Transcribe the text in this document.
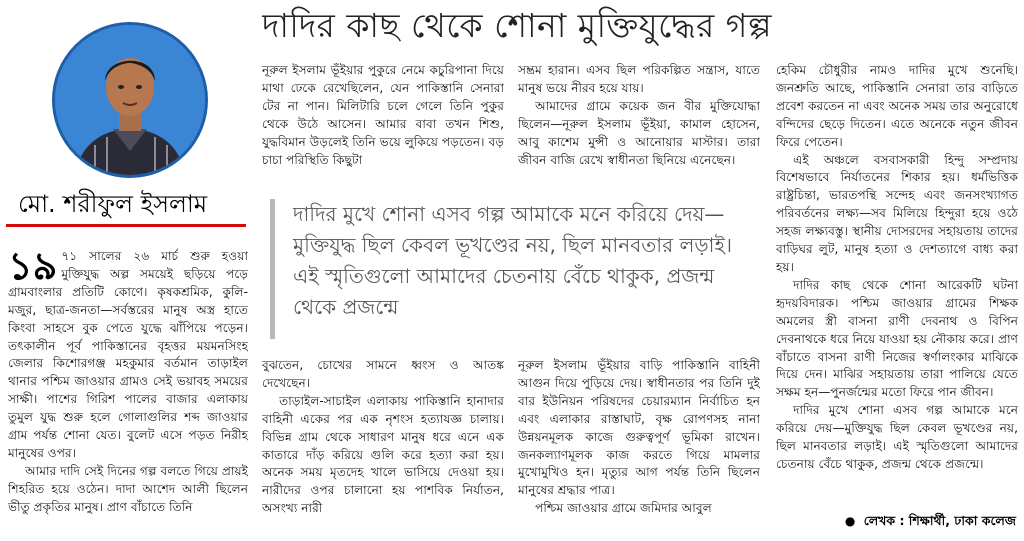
দাদির কাছ থেকে শোনা মুক্তিযুদ্ধের গল্প
মো. শরীফুল ইসলাম

১৯ ৭১ সালের ২৬ মার্চ শুরু হওয়া মুক্তিযুদ্ধ অল্প সময়েই ছড়িয়ে পড়ে গ্রামবাংলার প্রতিটি কোণে। কৃষকশ্রমিক, কুলি-মজুর, ছাত্র-জনতা—সর্বস্তরের মানুষ অস্ত্র হাতে কিংবা সাহসে বুক পেতে যুদ্ধে ঝাঁপিয়ে পড়েন। তৎকালীন পূর্ব পাকিস্তানের বৃহত্তর ময়মনসিংহ জেলার কিশোরগঞ্জ মহকুমার বর্তমান তাড়াইল থানার পশ্চিম জাওয়ার গ্রামও সেই ভয়াবহ সময়ের সাক্ষী। পাশের গিরিশ পালের বাজার এলাকায় তুমুল যুদ্ধ শুরু হলে গোলাগুলির শব্দ জাওয়ার গ্রাম পর্যন্ত শোনা যেত। বুলেট এসে পড়ত নিরীহ মানুষের ওপর।

আমার দাদি সেই দিনের গল্প বলতে গিয়ে প্রায়ই শিহরিত হয়ে ওঠেন। দাদা আশেদ আলী ছিলেন ভীতু প্রকৃতির মানুষ। প্রাণ বাঁচাতে তিনি

নূরুল ইসলাম ভূঁইয়ার পুকুরে নেমে কচুরিপানা দিয়ে মাথা ঢেকে রেখেছিলেন, যেন পাকিস্তানি সেনারা টের না পান। মিলিটারি চলে গেলে তিনি পুকুর থেকে উঠে আসেন। আমার বাবা তখন শিশু, যুদ্ধবিমান উড়লেই তিনি ভয়ে লুকিয়ে পড়তেন। বড় চাচা পরিস্থিতি কিছুটা

সম্ভ্রম হারান। এসব ছিল পরিকল্পিত সন্ত্রাস, যাতে মানুষ ভয়ে নীরব হয়ে যায়।

আমাদের গ্রামে কয়েক জন বীর মুক্তিযোদ্ধা ছিলেন—নূরুল ইসলাম ভূঁইয়া, কামাল হোসেন, আবু কাশেম মুন্সী ও আনোয়ার মাস্টার। তারা জীবন বাজি রেখে স্বাধীনতা ছিনিয়ে এনেছেন।

দাদির মুখে শোনা এসব গল্প আমাকে মনে করিয়ে দেয়—মুক্তিযুদ্ধ ছিল কেবল ভূখণ্ডের নয়, ছিল মানবতার লড়াই। এই স্মৃতিগুলো আমাদের চেতনায় বেঁচে থাকুক, প্রজন্ম থেকে প্রজন্মে

বুঝতেন, চোখের সামনে ধ্বংস ও আতঙ্ক দেখেছেন।

তাড়াইল-সাচাইল এলাকায় পাকিস্তানি হানাদার বাহিনী একের পর এক নৃশংস হত্যাযজ্ঞ চালায়। বিভিন্ন গ্রাম থেকে সাধারণ মানুষ ধরে এনে এক কাতারে দাঁড় করিয়ে গুলি করে হত্যা করা হয়। অনেক সময় মৃতদেহ খালে ভাসিয়ে দেওয়া হয়। নারীদের ওপর চালানো হয় পাশবিক নির্যাতন, অসংখ্য নারী

নূরুল ইসলাম ভূঁইয়ার বাড়ি পাকিস্তানি বাহিনী আগুন দিয়ে পুড়িয়ে দেয়। স্বাধীনতার পর তিনি দুই বার ইউনিয়ন পরিষদের চেয়ারম্যান নির্বাচিত হন এবং এলাকার রাস্তাঘাট, বৃক্ষ রোপণসহ নানা উন্নয়নমূলক কাজে গুরুত্বপূর্ণ ভূমিকা রাখেন। জনকল্যাণমূলক কাজ করতে গিয়ে মামলার মুখোমুখিও হন। মৃত্যুর আগ পর্যন্ত তিনি ছিলেন মানুষের শ্রদ্ধার পাত্র।

পশ্চিম জাওয়ার গ্রামে জমিদার আবুল

হেকিম চৌধুরীর নামও দাদির মুখে শুনেছি। জনশ্রুতি আছে, পাকিস্তানি সেনারা তার বাড়িতে প্রবেশ করতেন না এবং অনেক সময় তার অনুরোধে বন্দিদের ছেড়ে দিতেন। এতে অনেকে নতুন জীবন ফিরে পেতেন।

এই অঞ্চলে বসবাসকারী হিন্দু সম্প্রদায় বিশেষভাবে নির্যাতনের শিকার হয়। ধর্মভিত্তিক রাষ্ট্রচিন্তা, ভারতপন্থি সন্দেহ এবং জনসংখ্যাগত পরিবর্তনের লক্ষ্য—সব মিলিয়ে হিন্দুরা হয়ে ওঠে সহজ লক্ষ্যবস্তু। স্থানীয় দোসরদের সহায়তায় তাদের বাড়িঘর লুট, মানুষ হত্যা ও দেশত্যাগে বাধ্য করা হয়।

দাদির কাছ থেকে শোনা আরেকটি ঘটনা হৃদয়বিদারক। পশ্চিম জাওয়ার গ্রামের শিক্ষক অমলের স্ত্রী বাসনা রাণী দেবনাথ ও বিপিন দেবনাথকে ধরে নিয়ে যাওয়া হয় নৌকায় করে। প্রাণ বাঁচাতে বাসনা রাণী নিজের স্বর্ণালংকার মাঝিকে দিয়ে দেন। মাঝির সহায়তায় তারা পালিয়ে যেতে সক্ষম হন—পুনর্জন্মের মতো ফিরে পান জীবন।

দাদির মুখে শোনা এসব গল্প আমাকে মনে করিয়ে দেয়—মুক্তিযুদ্ধ ছিল কেবল ভূখণ্ডের নয়, ছিল মানবতার লড়াই। এই স্মৃতিগুলো আমাদের চেতনায় বেঁচে থাকুক, প্রজন্ম থেকে প্রজন্মে।

● লেখক : শিক্ষার্থী, ঢাকা কলেজ
